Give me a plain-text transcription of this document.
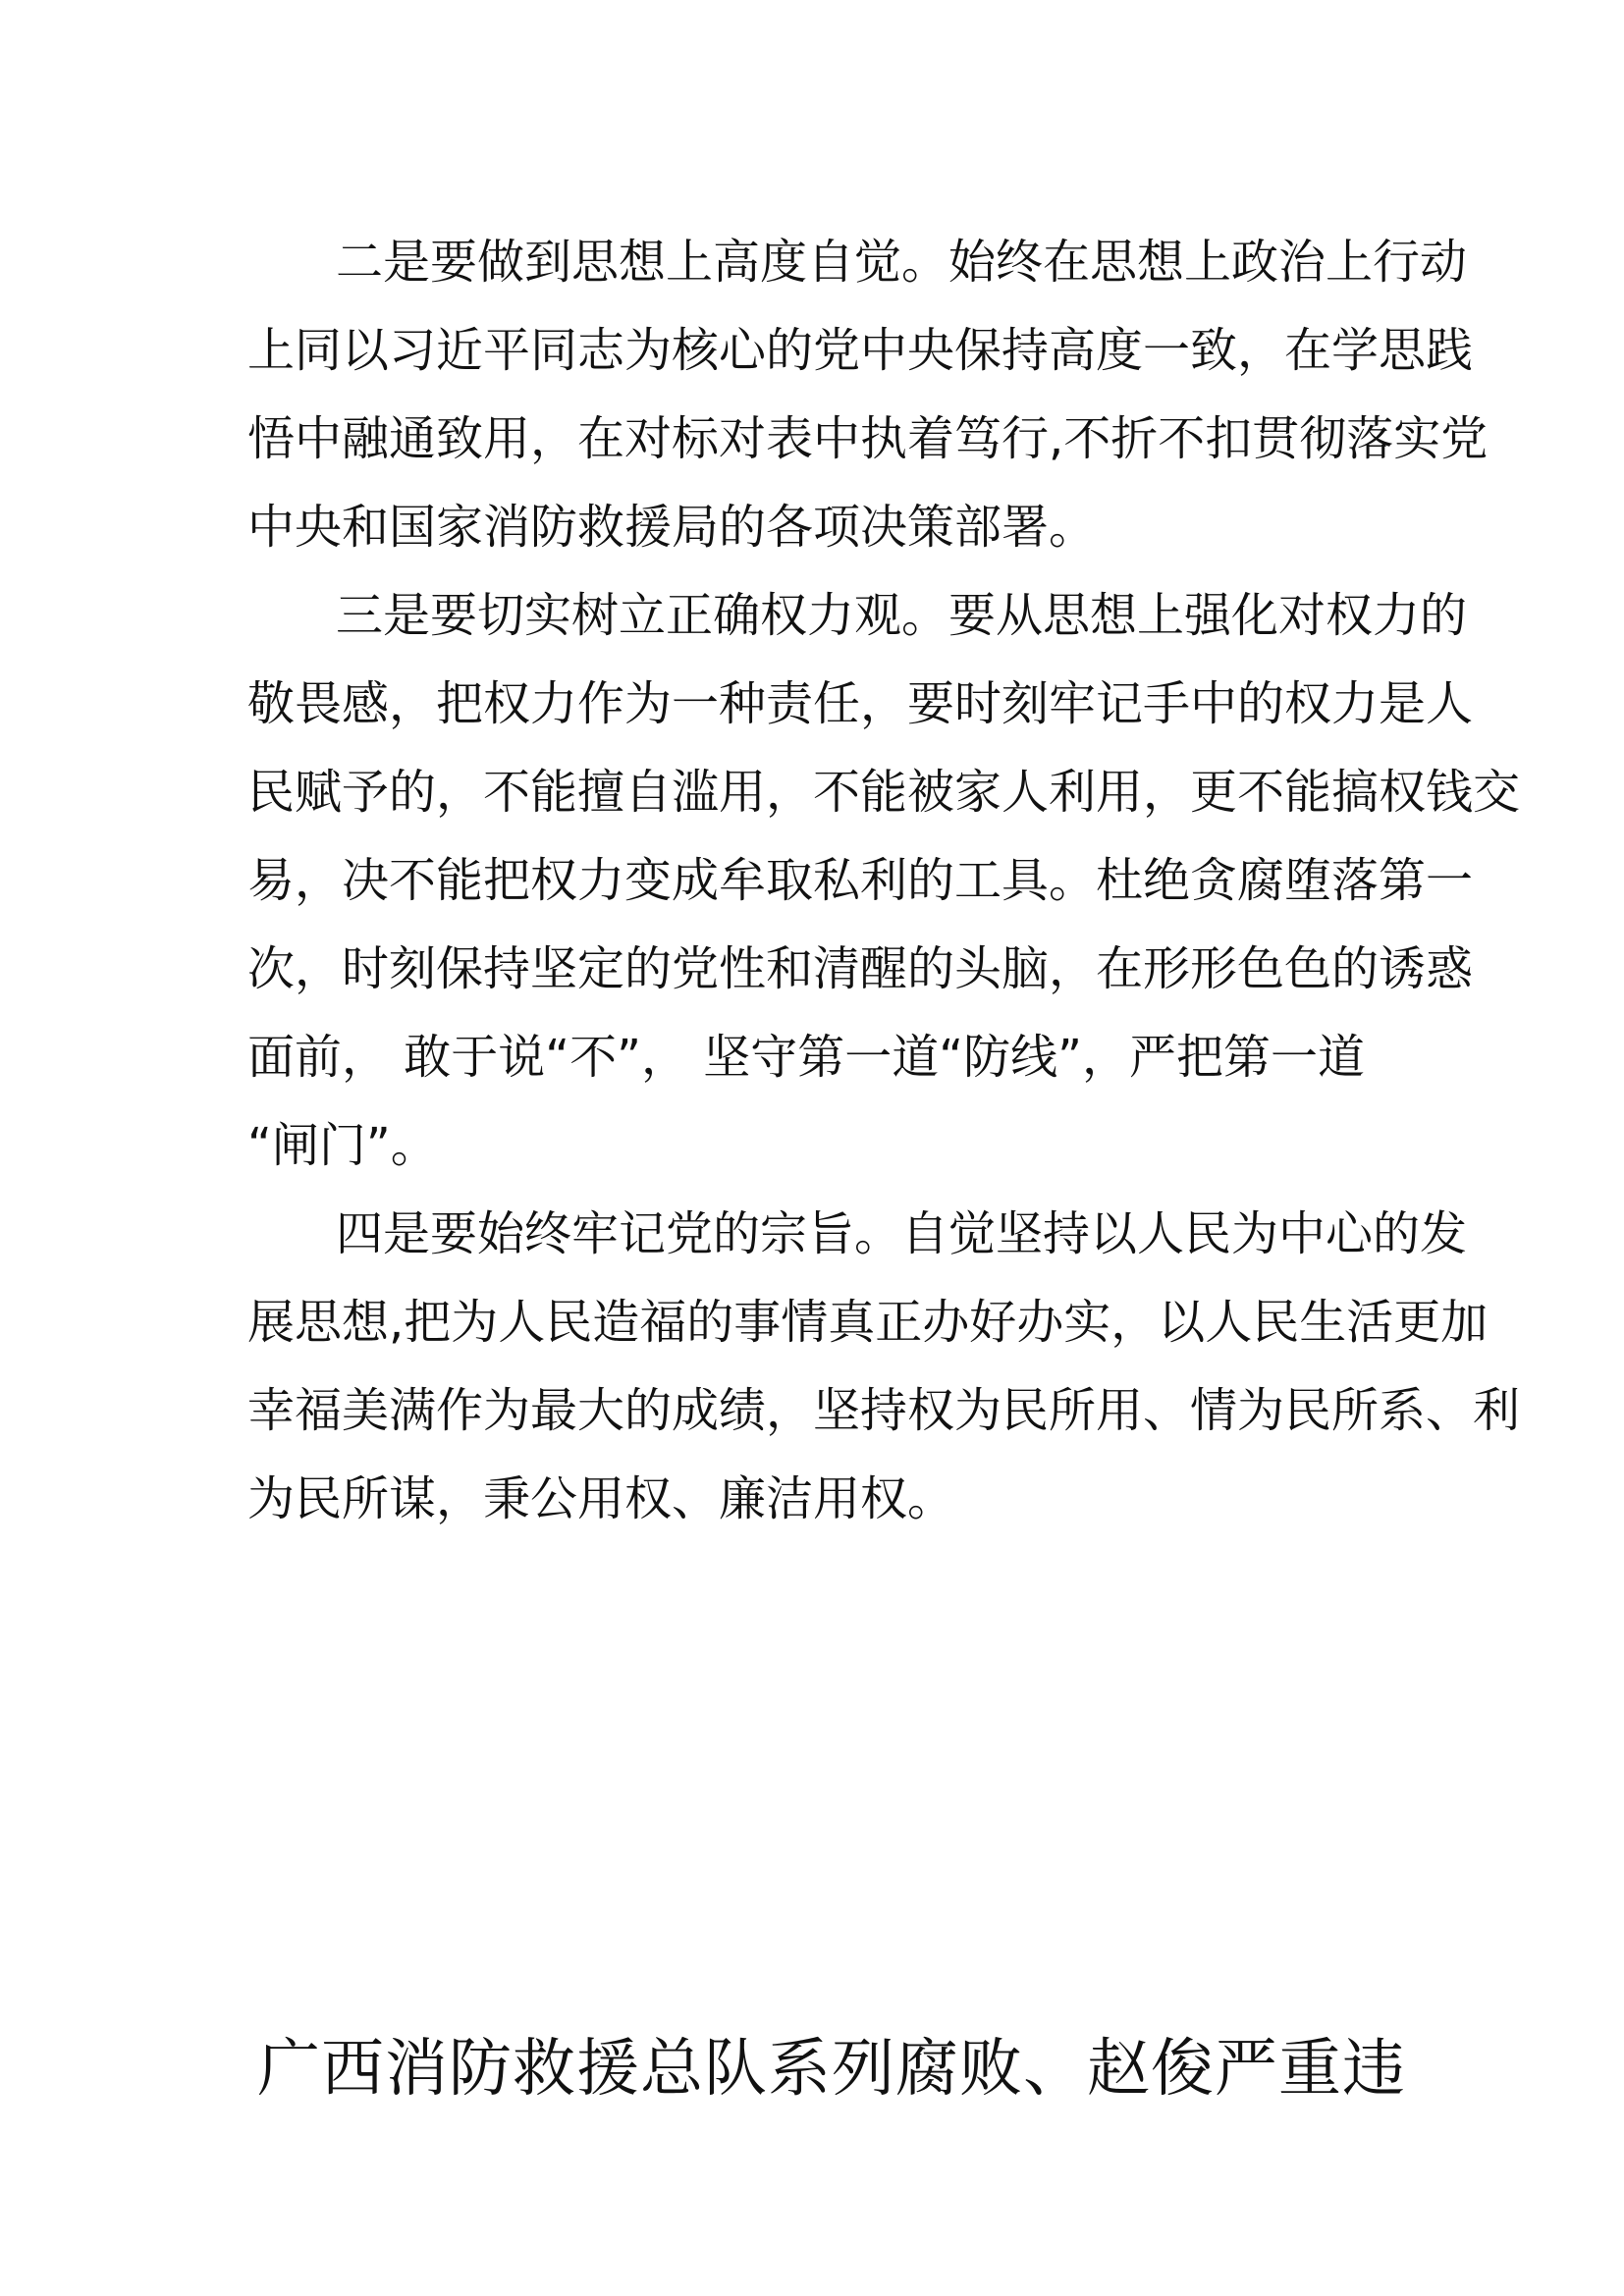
二是要做到思想上高度自觉。始终在思想上政治上行动
上同以习近平同志为核心的党中央保持高度一致，在学思践
悟中融通致用，在对标对表中执着笃行,不折不扣贯彻落实党
中央和国家消防救援局的各项决策部署。
三是要切实树立正确权力观。要从思想上强化对权力的
敬畏感，把权力作为一种责任，要时刻牢记手中的权力是人
民赋予的，不能擅自滥用，不能被家人利用，更不能搞权钱交
易，决不能把权力变成牟取私利的工具。杜绝贪腐堕落第一
次，时刻保持坚定的党性和清醒的头脑，在形形色色的诱惑
面前， 敢于说“不”， 坚守第一道“防线”，严把第一道
“闸门”。
四是要始终牢记党的宗旨。自觉坚持以人民为中心的发
展思想,把为人民造福的事情真正办好办实，以人民生活更加
幸福美满作为最大的成绩，坚持权为民所用、情为民所系、利
为民所谋，秉公用权、廉洁用权。
广西消防救援总队系列腐败、赵俊严重违
